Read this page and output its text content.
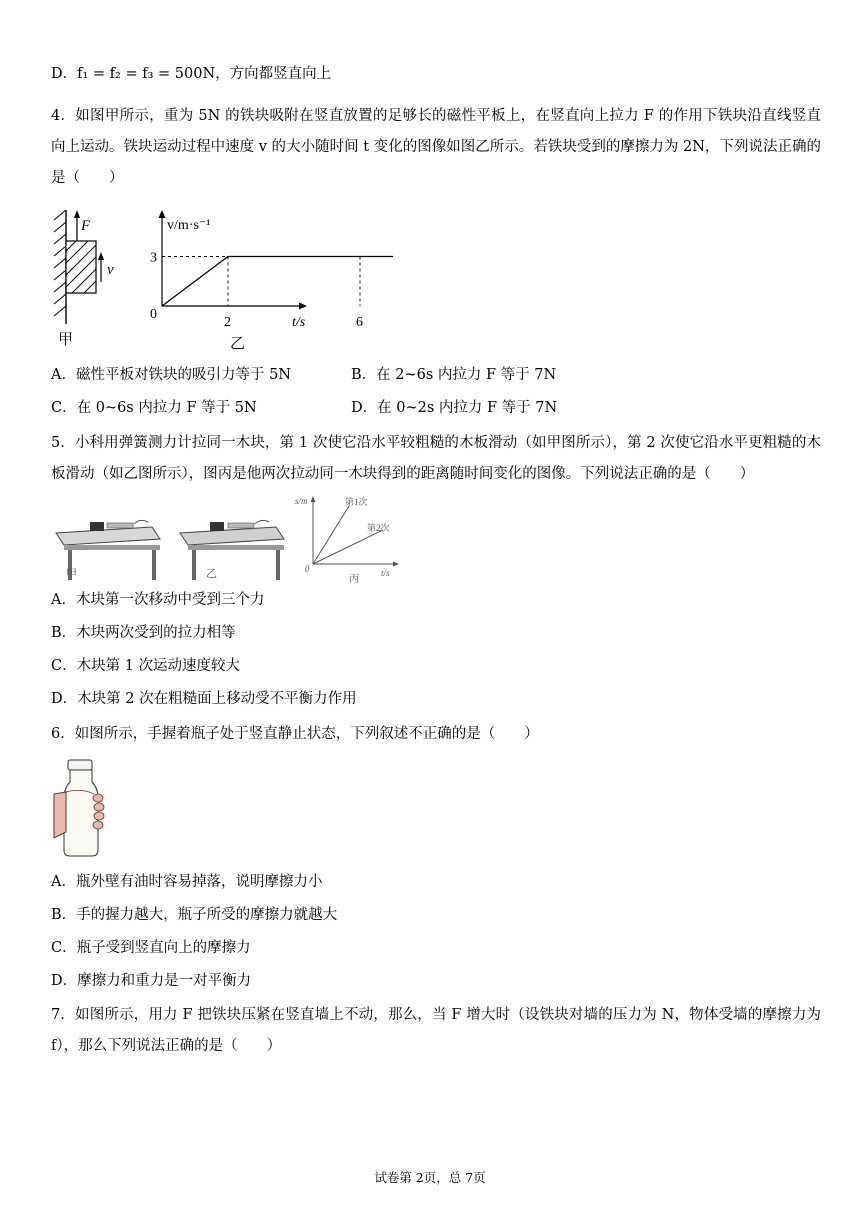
D．f₁ = f₂ = f₃ = 500N，方向都竖直向上
4．如图甲所示，重为 5N 的铁块吸附在竖直放置的足够长的磁性平板上，在竖直向上拉力 F 的作用下铁块沿直线竖直向上运动。铁块运动过程中速度 v 的大小随时间 t 变化的图像如图乙所示。若铁块受到的摩擦力为 2N，下列说法正确的是（　　）
F
v
甲
v/m·s⁻¹
3
0
2	6
t/s
乙
A．磁性平板对铁块的吸引力等于 5N	B．在 2~6s 内拉力 F 等于 7N
C．在 0~6s 内拉力 F 等于 5N	D．在 0~2s 内拉力 F 等于 7N
5．小科用弹簧测力计拉同一木块，第 1 次使它沿水平较粗糙的木板滑动（如甲图所示），第 2 次使它沿水平更粗糙的木板滑动（如乙图所示），图丙是他两次拉动同一木块得到的距离随时间变化的图像。下列说法正确的是（　　）
甲	乙
第1次
第2次
s/m
t/s
0
丙
A．木块第一次移动中受到三个力
B．木块两次受到的拉力相等
C．木块第 1 次运动速度较大
D．木块第 2 次在粗糙面上移动受不平衡力作用
6．如图所示，手握着瓶子处于竖直静止状态，下列叙述不正确的是（　　）
A．瓶外壁有油时容易掉落，说明摩擦力小
B．手的握力越大，瓶子所受的摩擦力就越大
C．瓶子受到竖直向上的摩擦力
D．摩擦力和重力是一对平衡力
7．如图所示，用力 F 把铁块压紧在竖直墙上不动，那么，当 F 增大时（设铁块对墙的压力为 N，物体受墙的摩擦力为 f），那么下列说法正确的是（　　）
试卷第 2页，总 7页
